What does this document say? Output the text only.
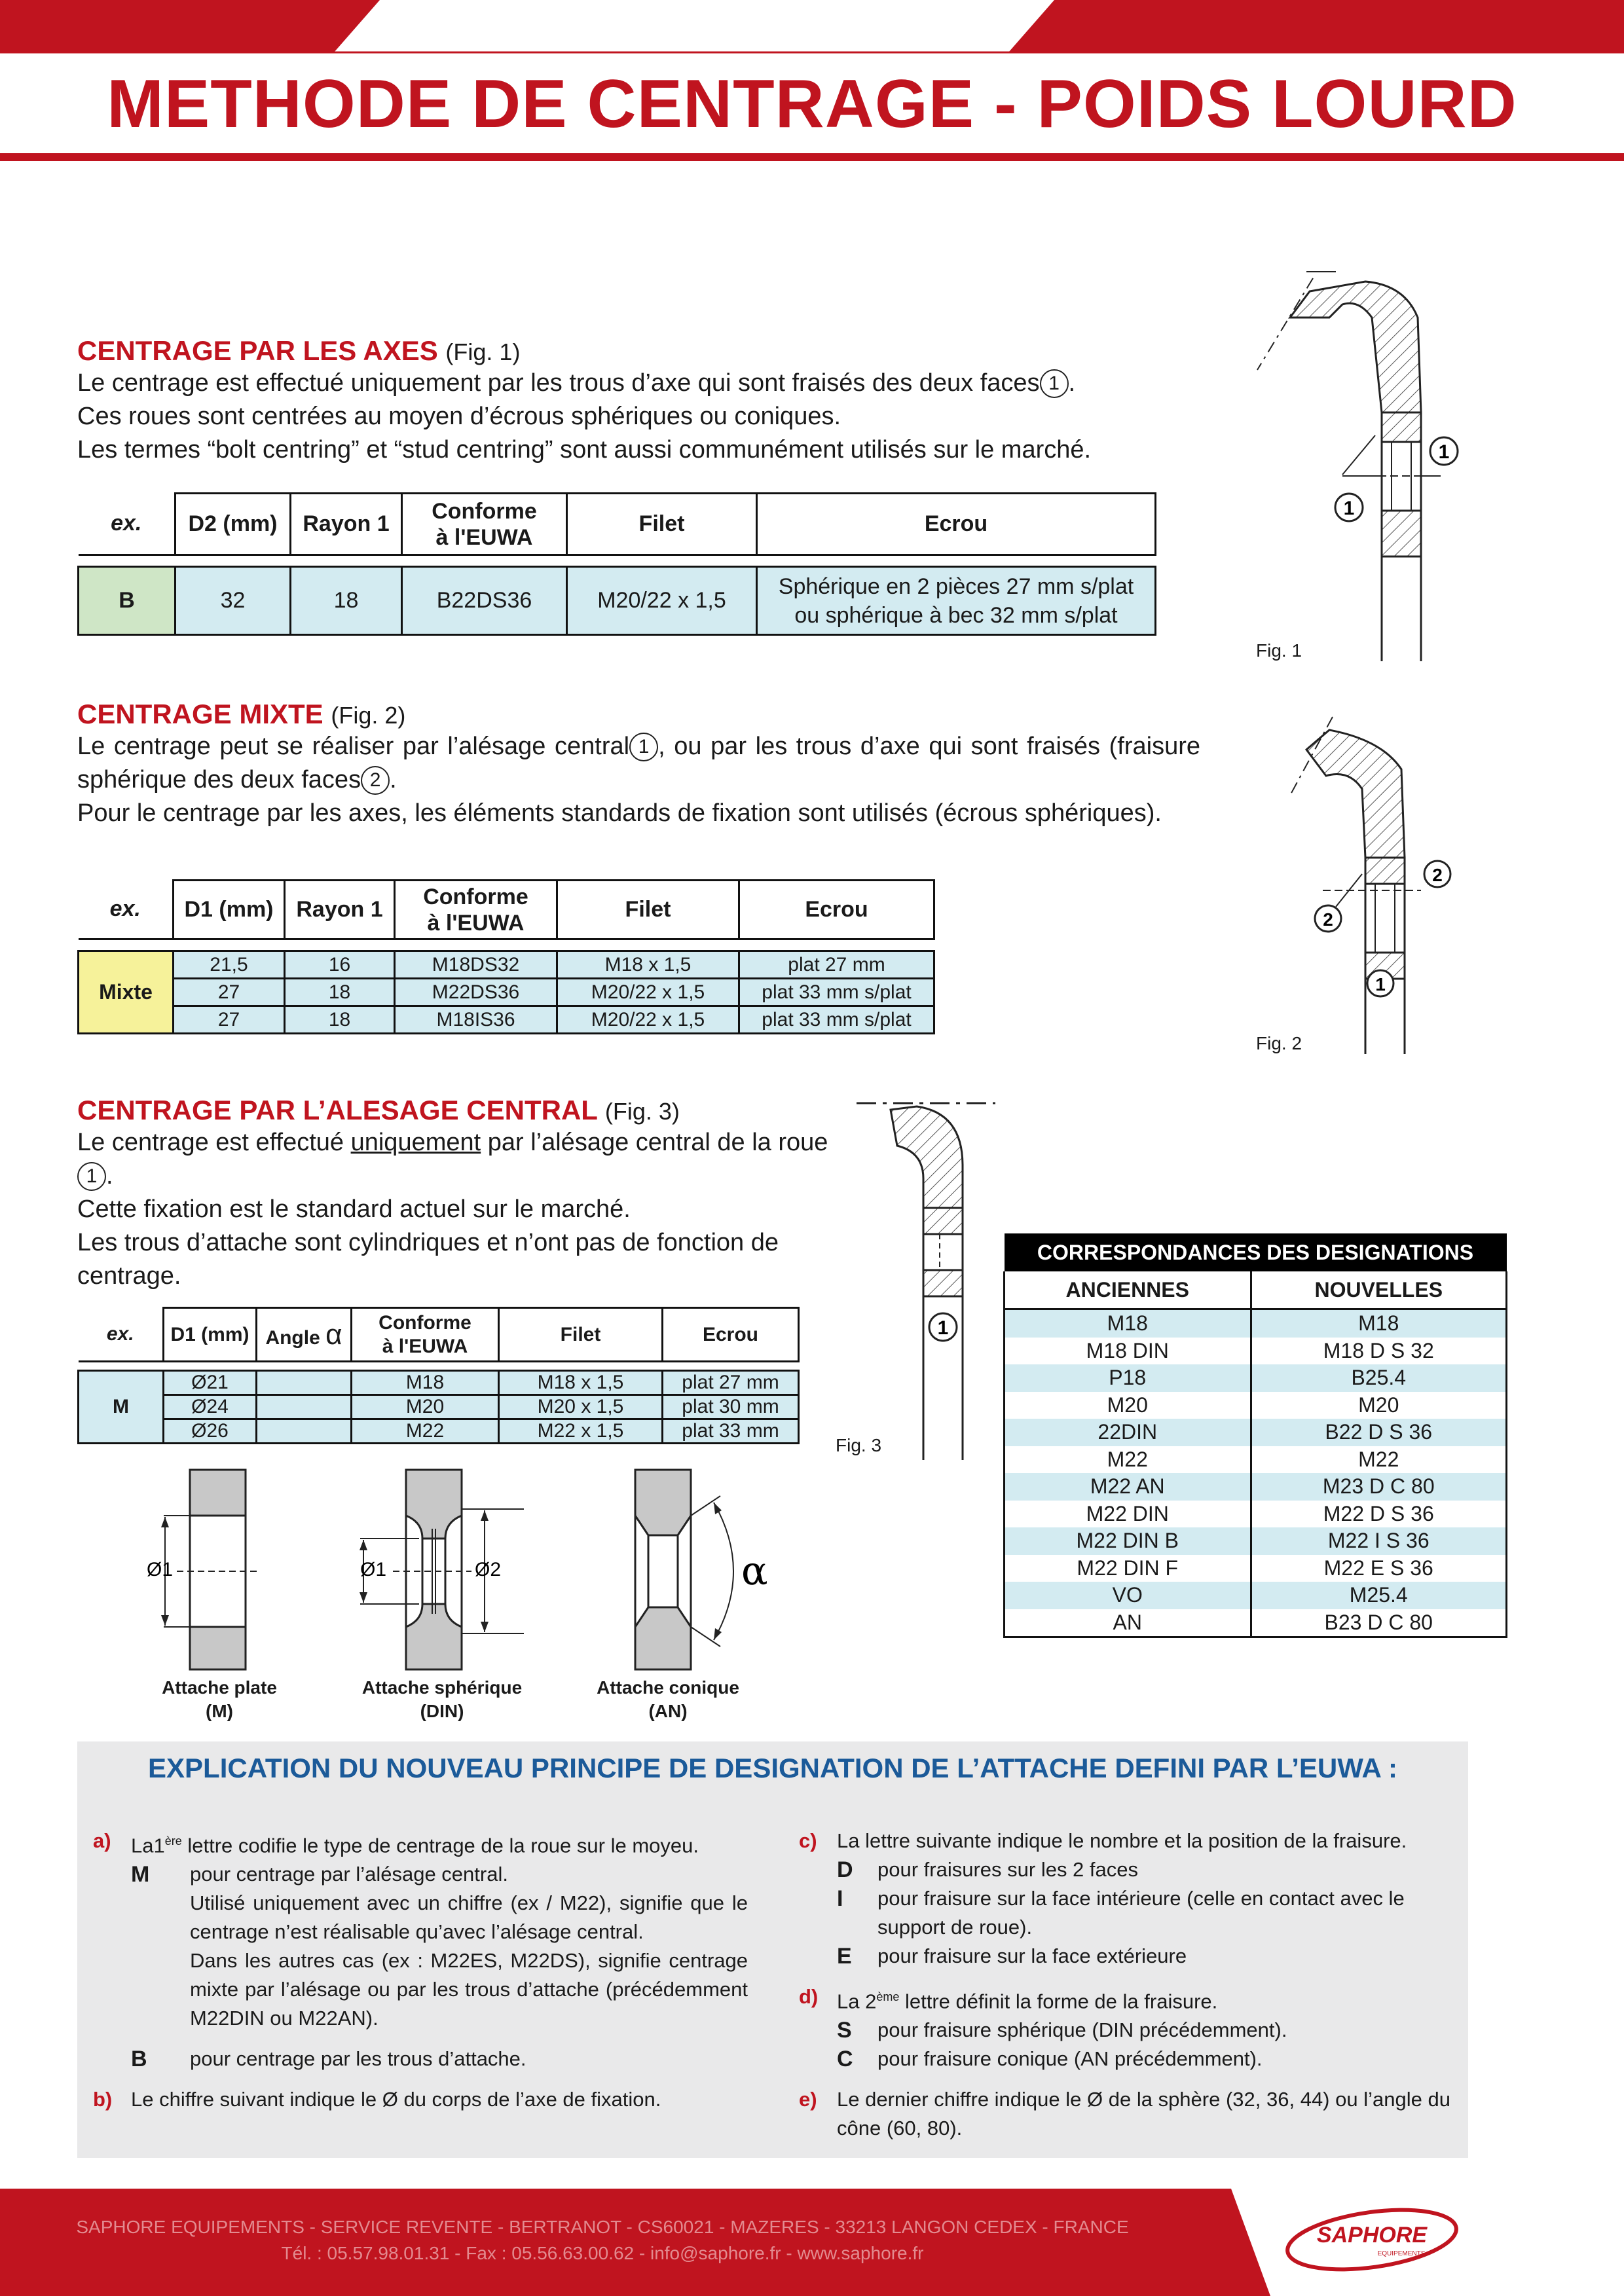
METHODE DE CENTRAGE - POIDS LOURD
CENTRAGE PAR LES AXES (Fig. 1)
Le centrage est effectué uniquement par les trous d’axe qui sont fraisés des deux faces 1 .
Ces roues sont centrées au moyen d’écrous sphériques ou coniques.
Les termes “bolt centring” et “stud centring” sont aussi communément utilisés sur le marché.
ex.	D2 (mm)	Rayon 1	Conforme
à l'EUWA	Filet	Ecrou

B	32	18	B22DS36	M20/22 x 1,5	Sphérique en 2 pièces 27 mm s/plat
ou sphérique à bec 32 mm s/plat
1
1
Fig. 1
CENTRAGE MIXTE (Fig. 2)
Le centrage peut se réaliser par l’alésage central 1 , ou par les trous d’axe qui sont fraisés (fraisure sphérique des deux faces 2 .
Pour le centrage par les axes, les éléments standards de fixation sont utilisés (écrous sphériques).
ex.	D1 (mm)	Rayon 1	Conforme
à l'EUWA	Filet	Ecrou

Mixte	21,5	16	M18DS32	M18 x 1,5	plat 27 mm
	27	18	M22DS36	M20/22 x 1,5	plat 33 mm s/plat
	27	18	M18IS36	M20/22 x 1,5	plat 33 mm s/plat
2
2
1
Fig. 2
CENTRAGE PAR L’ALESAGE CENTRAL (Fig. 3)
Le centrage est effectué uniquement par l’alésage central de la roue1 .
Cette fixation est le standard actuel sur le marché.
Les trous d’attache sont cylindriques et n’ont pas de fonction de centrage.
ex.	D1 (mm)	Angle α	Conforme
à l'EUWA	Filet	Ecrou

M	Ø21		M18	M18 x 1,5	plat 27 mm
	Ø24		M20	M20 x 1,5	plat 30 mm
	Ø26		M22	M22 x 1,5	plat 33 mm
1
Fig. 3
Ø1	Ø1	Ø2	α
Attache plate
(M)
Attache sphérique
(DIN)
Attache conique
(AN)
CORRESPONDANCES DES DESIGNATIONS	
ANCIENNES	NOUVELLES
M18	M18
M18 DIN	M18 D S 32
P18	B25.4
M20	M20
22DIN	B22 D S 36
M22	M22
M22 AN	M23 D C 80
M22 DIN	M22 D S 36
M22 DIN B	M22 I S 36
M22 DIN F	M22 E S 36
VO	M25.4
AN	B23 D C 80
EXPLICATION DU NOUVEAU PRINCIPE DE DESIGNATION DE L’ATTACHE DEFINI PAR L’EUWA :
a) La1ère lettre codifie le type de centrage de la roue sur le moyeu.
M pour centrage par l’alésage central.
Utilisé uniquement avec un chiffre (ex / M22), signifie que le centrage n’est réalisable qu’avec l’alésage central.
Dans les autres cas (ex : M22ES, M22DS), signifie centrage mixte par l’alésage ou par les trous d’attache (précédemment M22DIN ou M22AN).
B pour centrage par les trous d’attache.
b) Le chiffre suivant indique le Ø du corps de l’axe de fixation.
c) La lettre suivante indique le nombre et la position de la fraisure.
D pour fraisures sur les 2 faces
I pour fraisure sur la face intérieure (celle en contact avec le support de roue).
E pour fraisure sur la face extérieure
d) La 2ème lettre définit la forme de la fraisure.
S pour fraisure sphérique (DIN précédemment).
C pour fraisure conique (AN précédemment).
e) Le dernier chiffre indique le Ø de la sphère (32, 36, 44) ou l’angle du cône (60, 80).
SAPHORE EQUIPEMENTS - SERVICE REVENTE - BERTRANOT - CS60021 - MAZERES - 33213 LANGON CEDEX - FRANCE
Tél. : 05.57.98.01.31 - Fax : 05.56.63.00.62 - info@saphore.fr - www.saphore.fr
SAPHORE
EQUIPEMENTS
